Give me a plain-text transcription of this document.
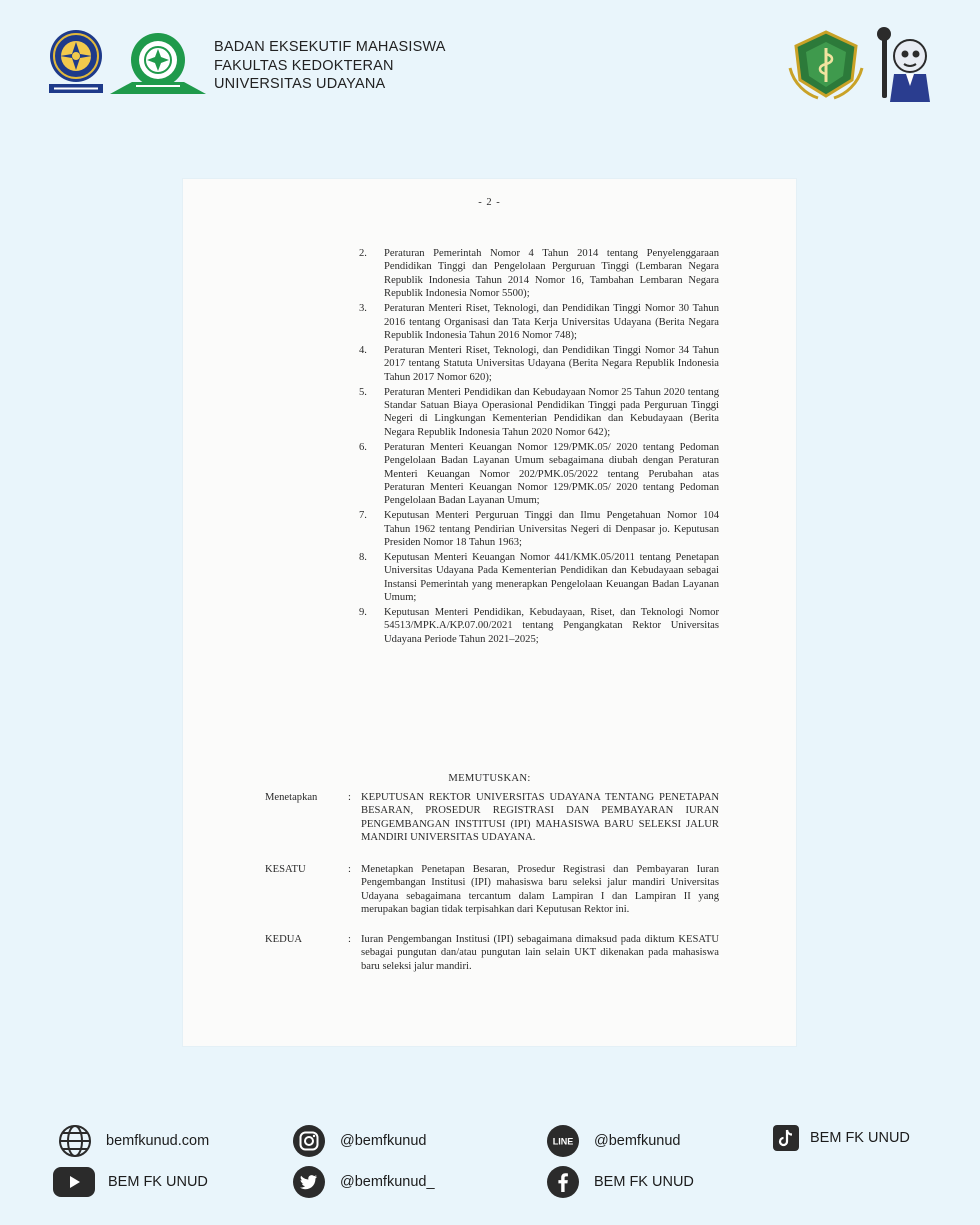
BADAN EKSEKUTIF MAHASISWA
FAKULTAS KEDOKTERAN
UNIVERSITAS UDAYANA
- 2 -
2.	Peraturan Pemerintah Nomor 4 Tahun 2014 tentang Penyelenggaraan Pendidikan Tinggi dan Pengelolaan Perguruan Tinggi (Lembaran Negara Republik Indonesia Tahun 2014 Nomor 16, Tambahan Lembaran Negara Republik Indonesia Nomor 5500);
3.	Peraturan Menteri Riset, Teknologi, dan Pendidikan Tinggi Nomor 30 Tahun 2016 tentang Organisasi dan Tata Kerja Universitas Udayana (Berita Negara Republik Indonesia Tahun 2016 Nomor 748);
4.	Peraturan Menteri Riset, Teknologi, dan Pendidikan Tinggi Nomor 34 Tahun 2017 tentang Statuta Universitas Udayana (Berita Negara Republik Indonesia Tahun 2017 Nomor 620);
5.	Peraturan Menteri Pendidikan dan Kebudayaan Nomor 25 Tahun 2020 tentang Standar Satuan Biaya Operasional Pendidikan Tinggi pada Perguruan Tinggi Negeri di Lingkungan Kementerian Pendidikan dan Kebudayaan (Berita Negara Republik Indonesia Tahun 2020 Nomor 642);
6.	Peraturan Menteri Keuangan Nomor 129/PMK.05/ 2020 tentang Pedoman Pengelolaan Badan Layanan Umum sebagaimana diubah dengan Peraturan Menteri Keuangan Nomor 202/PMK.05/2022 tentang Perubahan atas Peraturan Menteri Keuangan Nomor 129/PMK.05/ 2020 tentang Pedoman Pengelolaan Badan Layanan Umum;
7.	Keputusan Menteri Perguruan Tinggi dan Ilmu Pengetahuan Nomor 104 Tahun 1962 tentang Pendirian Universitas Negeri di Denpasar jo. Keputusan Presiden Nomor 18 Tahun 1963;
8.	Keputusan Menteri Keuangan Nomor 441/KMK.05/2011 tentang Penetapan Universitas Udayana Pada Kementerian Pendidikan dan Kebudayaan sebagai Instansi Pemerintah yang menerapkan Pengelolaan Keuangan Badan Layanan Umum;
9.	Keputusan Menteri Pendidikan, Kebudayaan, Riset, dan Teknologi Nomor 54513/MPK.A/KP.07.00/2021 tentang Pengangkatan Rektor Universitas Udayana Periode Tahun 2021–2025;
MEMUTUSKAN:
Menetapkan	: KEPUTUSAN REKTOR UNIVERSITAS UDAYANA TENTANG PENETAPAN BESARAN, PROSEDUR REGISTRASI DAN PEMBAYARAN IURAN PENGEMBANGAN INSTITUSI (IPI) MAHASISWA BARU SELEKSI JALUR MANDIRI UNIVERSITAS UDAYANA.
KESATU	: Menetapkan Penetapan Besaran, Prosedur Registrasi dan Pembayaran Iuran Pengembangan Institusi (IPI) mahasiswa baru seleksi jalur mandiri Universitas Udayana sebagaimana tercantum dalam Lampiran I dan Lampiran II yang merupakan bagian tidak terpisahkan dari Keputusan Rektor ini.
KEDUA	: Iuran Pengembangan Institusi (IPI) sebagaimana dimaksud pada diktum KESATU sebagai pungutan dan/atau pungutan lain selain UKT dikenakan pada mahasiswa baru seleksi jalur mandiri.
bemfkunud.com	@bemfkunud	LINE @bemfkunud	BEM FK UNUD
BEM FK UNUD	@bemfkunud_	BEM FK UNUD
